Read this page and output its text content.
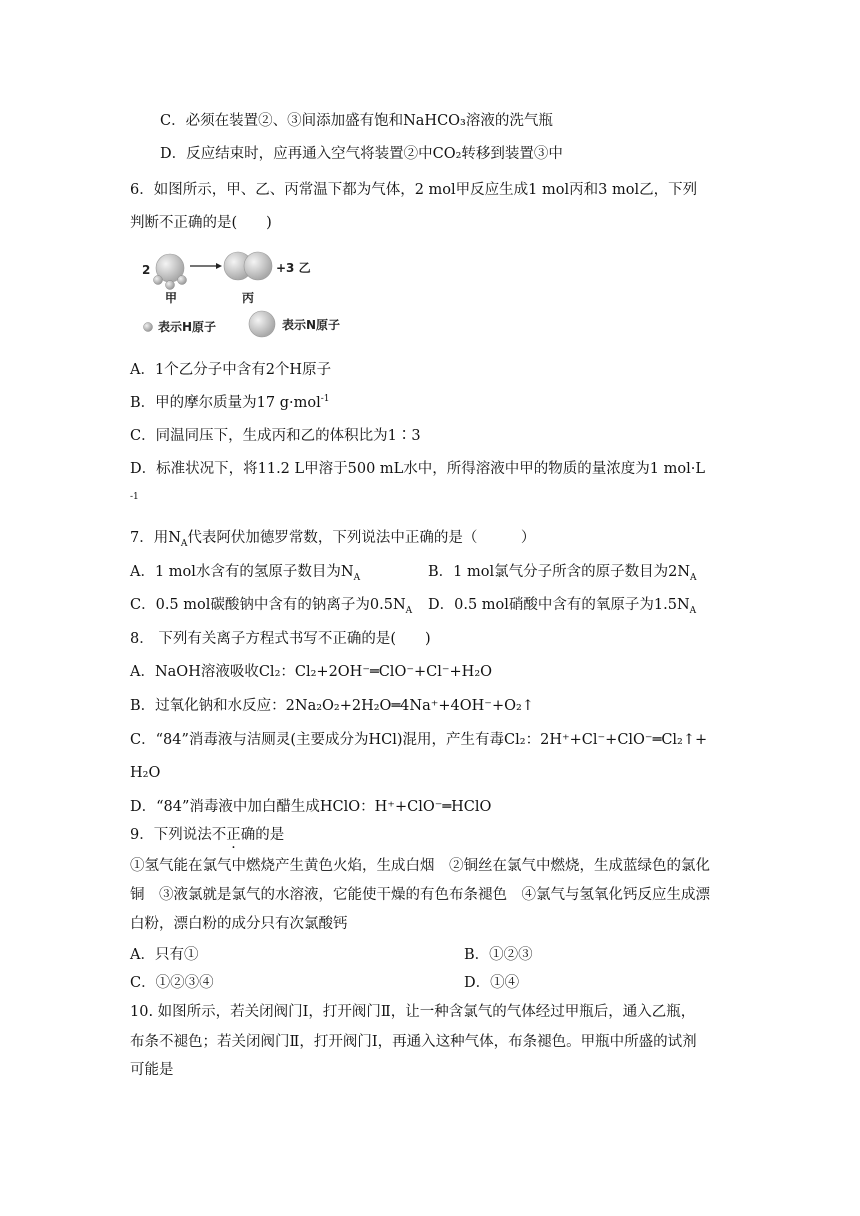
C．必须在装置②、③间添加盛有饱和NaHCO₃溶液的洗气瓶
D．反应结束时，应再通入空气将装置②中CO₂转移到装置③中
6．如图所示，甲、乙、丙常温下都为气体，2 mol甲反应生成1 mol丙和3 mol乙，下列
判断不正确的是(　　)
2	+3 乙
甲	丙
表示H原子	表示N原子
A．1个乙分子中含有2个H原子
B．甲的摩尔质量为17 g·mol$^{-1}$
C．同温同压下，生成丙和乙的体积比为1∶3
D．标准状况下，将11.2 L甲溶于500 mL水中，所得溶液中甲的物质的量浓度为1 mol·L
-1
7．用$N_A$代表阿伏加德罗常数，下列说法中正确的是（　　　）
A．1 mol水含有的氢原子数目为$N_A$	B．1 mol氯气分子所含的原子数目为$2N_A$
C．0.5 mol碳酸钠中含有的钠离子为$0.5N_A$ D．0.5 mol硝酸中含有的氧原子为$1.5N_A$
8． 下列有关离子方程式书写不正确的是(　　)
A．NaOH溶液吸收Cl₂：Cl₂+2OH⁻═ClO⁻+Cl⁻+H₂O
B．过氧化钠和水反应：2Na₂O₂+2H₂O═4Na⁺+4OH⁻+O₂↑
C．“84”消毒液与洁厕灵(主要成分为HCl)混用，产生有毒Cl₂：2H⁺+Cl⁻+ClO⁻═Cl₂↑+
H₂O
D．“84”消毒液中加白醋生成HClO：H⁺+ClO⁻═HClO
9．下列说法不正确的是
①氢气能在氯气中燃烧产生黄色火焰，生成白烟　②铜丝在氯气中燃烧，生成蓝绿色的氯化
铜　③液氯就是氯气的水溶液，它能使干燥的有色布条褪色　④氯气与氢氧化钙反应生成漂
白粉，漂白粉的成分只有次氯酸钙
A．只有①	B．①②③
C．①②③④	D．①④
10. 如图所示，若关闭阀门Ⅰ，打开阀门Ⅱ，让一种含氯气的气体经过甲瓶后，通入乙瓶，
布条不褪色；若关闭阀门Ⅱ，打开阀门Ⅰ，再通入这种气体，布条褪色。甲瓶中所盛的试剂
可能是
